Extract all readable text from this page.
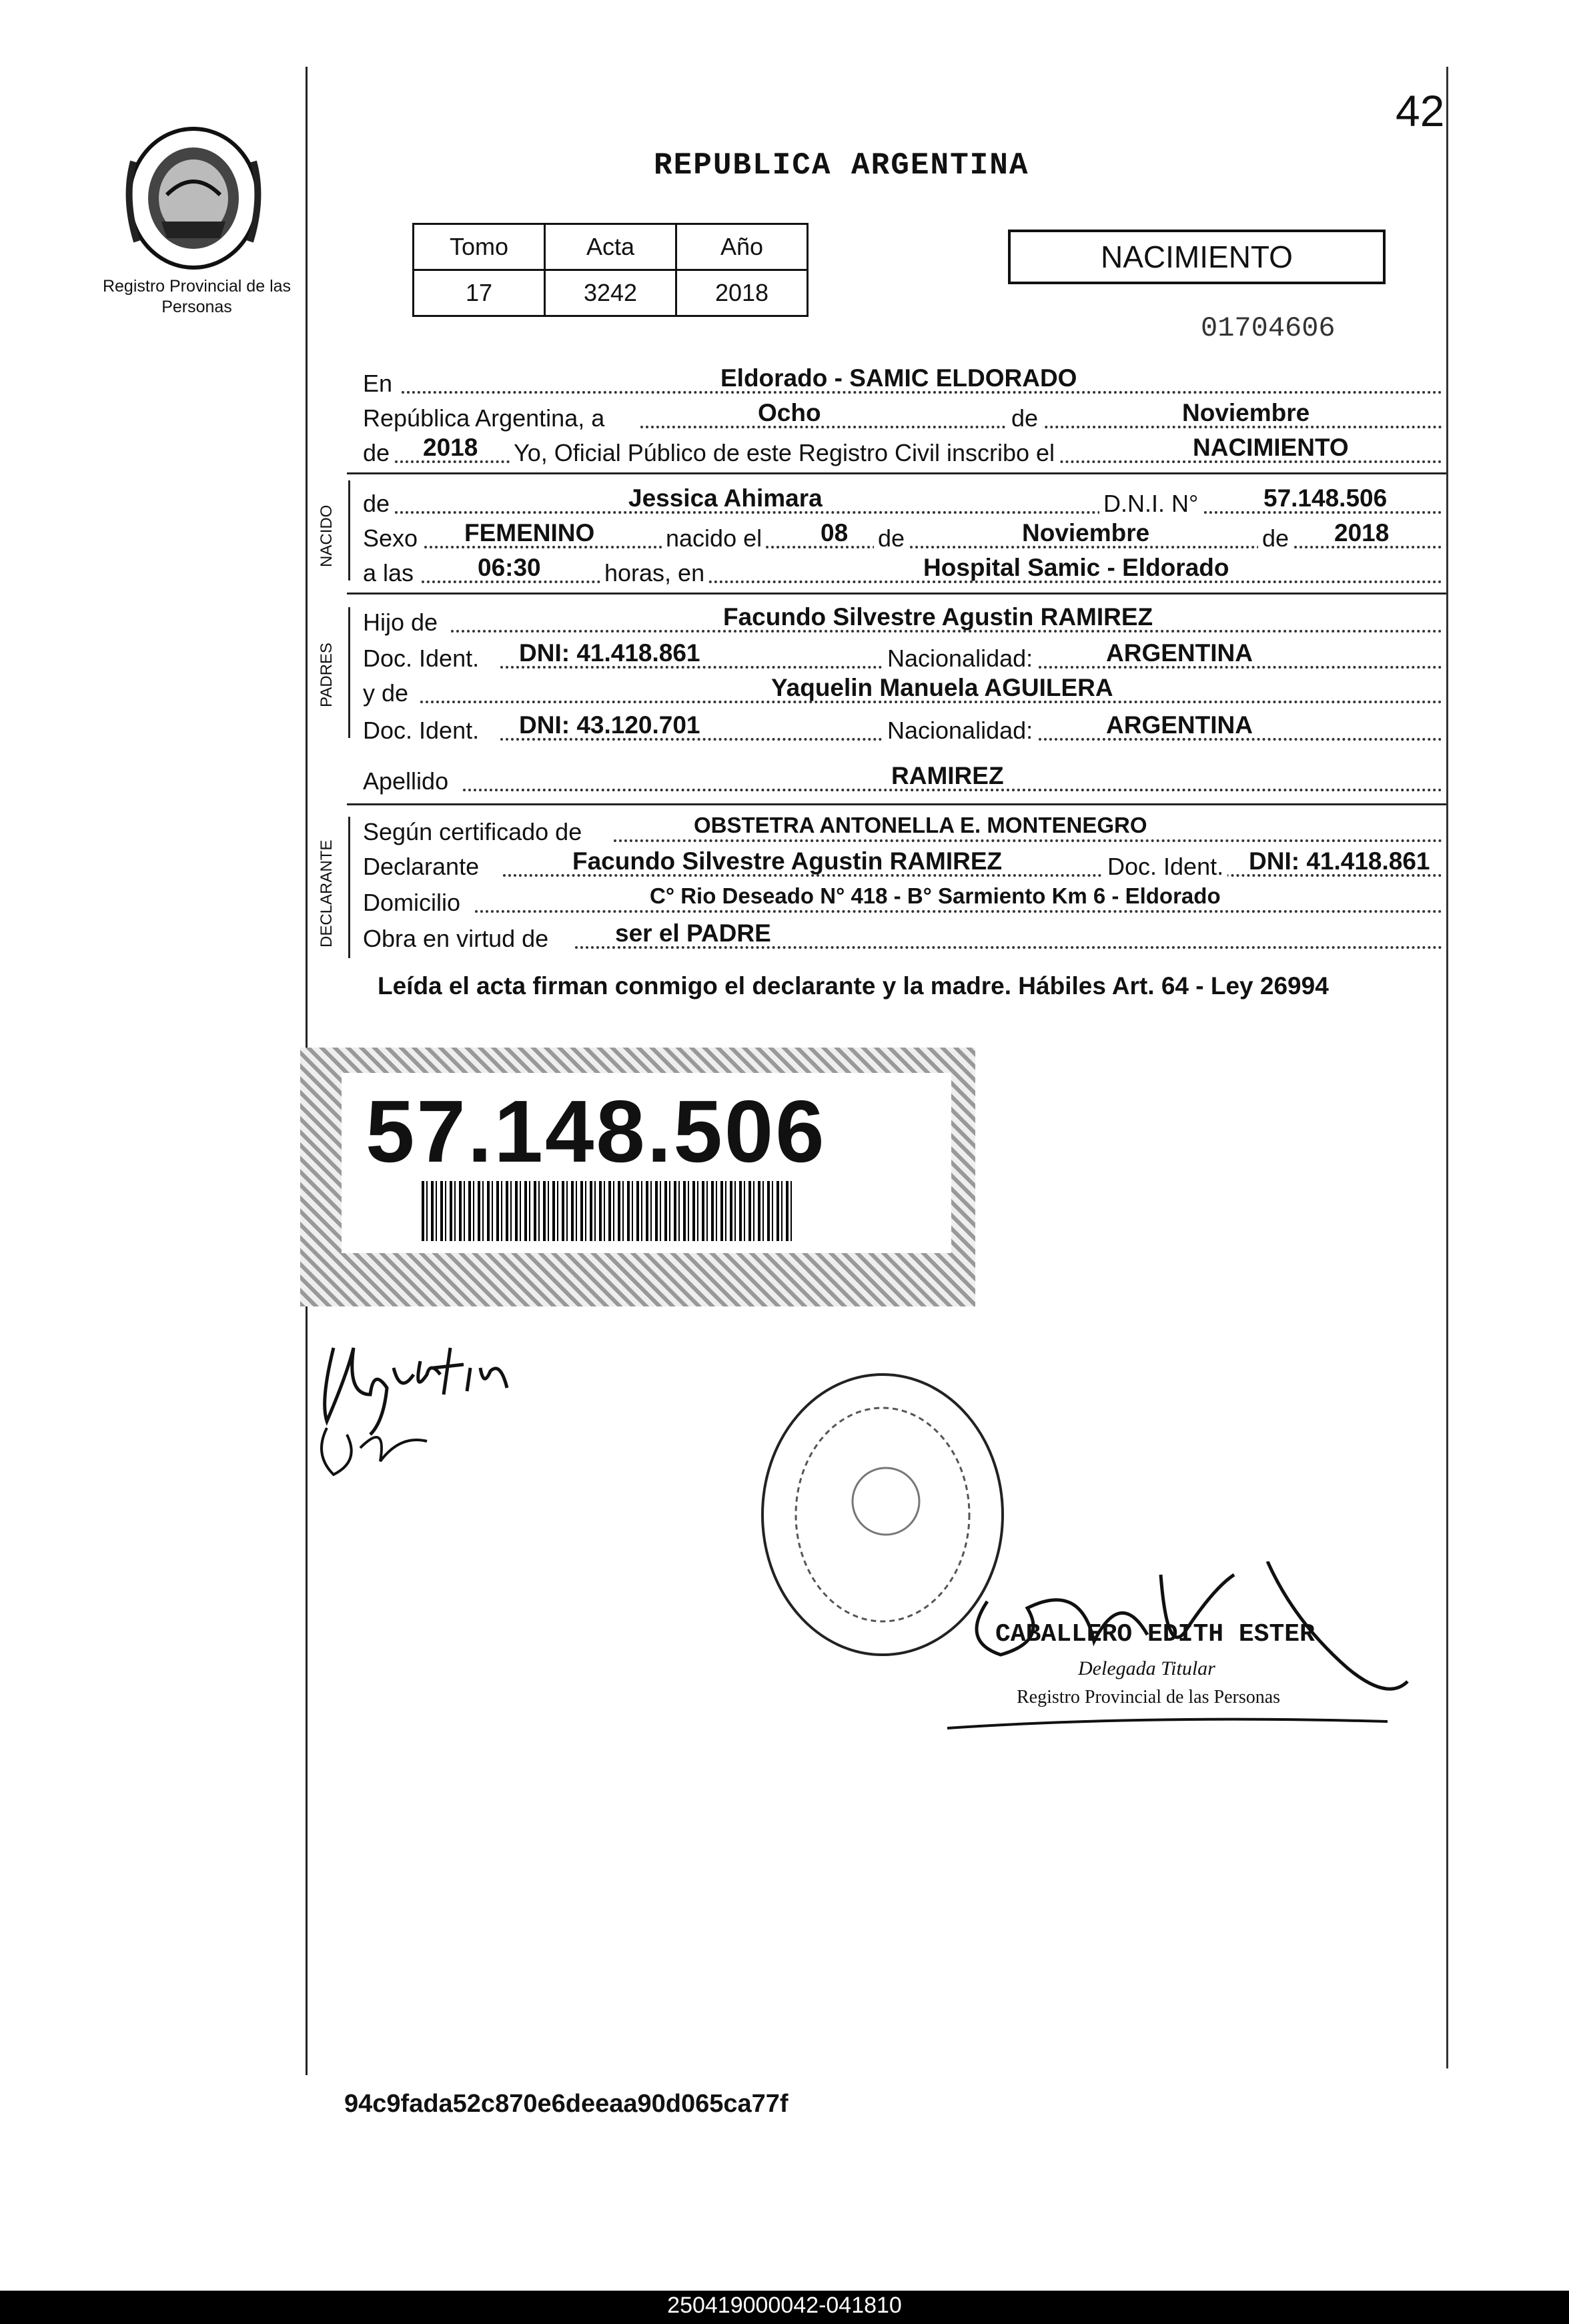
42
Registro Provincial de las Personas
REPUBLICA ARGENTINA
Tomo	Acta	Año
17	3242	2018
NACIMIENTO
01704606
En	Eldorado - SAMIC ELDORADO
República Argentina, a	Ocho	de	Noviembre
de 2018 Yo, Oficial Público de este Registro Civil inscribo el	NACIMIENTO
NACIDO
de	Jessica Ahimara	D.N.I. N°	57.148.506
Sexo FEMENINO	nacido el 08 de	Noviembre	de 2018
a las	06:30	horas, en	Hospital Samic - Eldorado
PADRES
Hijo de	Facundo Silvestre Agustin RAMIREZ
Doc. Ident. DNI: 41.418.861	Nacionalidad:	ARGENTINA
y de	Yaquelin Manuela AGUILERA
Doc. Ident. DNI: 43.120.701	Nacionalidad:	ARGENTINA
Apellido	RAMIREZ
DECLARANTE
Según certificado de	OBSTETRA ANTONELLA E. MONTENEGRO
Declarante	Facundo Silvestre Agustin RAMIREZ	Doc. Ident. DNI: 41.418.861
Domicilio	C° Rio Deseado N° 418 - B° Sarmiento Km 6 - Eldorado
Obra en virtud de	ser el PADRE
Leída el acta firman conmigo el declarante y la madre. Hábiles Art. 64 - Ley 26994
57.148.506
Agustin
CABALLERO EDITH ESTER
Delegada Titular
Registro Provincial de las Personas
94c9fada52c870e6deeaa90d065ca77f
250419000042-041810
